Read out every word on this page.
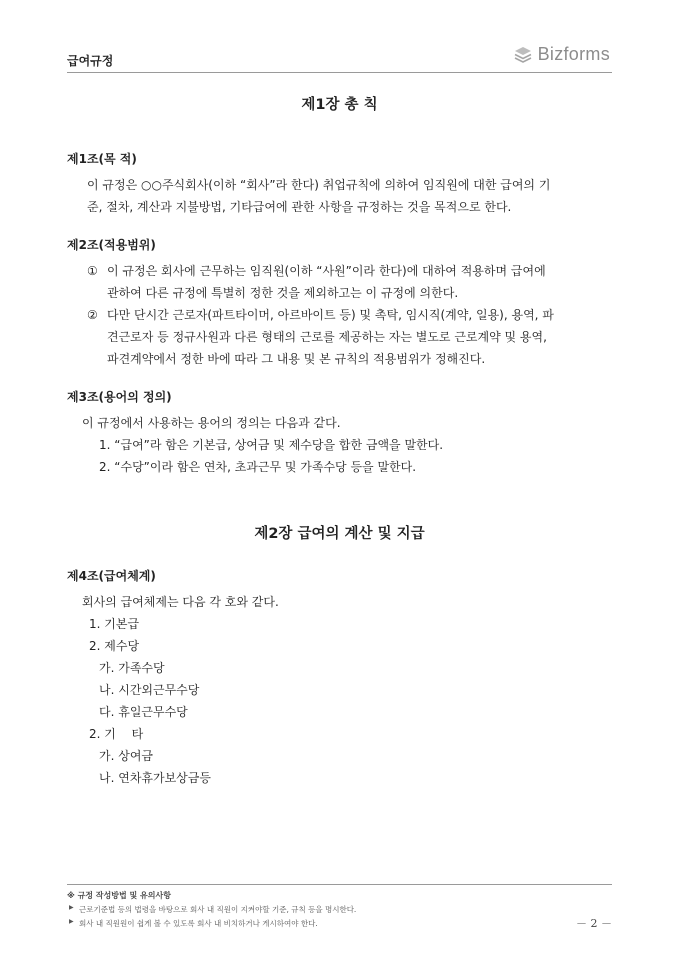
급여규정	Bizforms
제1장 총 칙
제1조(목 적)

이 규정은 ○○주식회사(이하 “회사”라 한다) 취업규칙에 의하여 임직원에 대한 급여의 기

준, 절차, 계산과 지불방법, 기타급여에 관한 사항을 규정하는 것을 목적으로 한다.

제2조(적용범위)
① 이 규정은 회사에 근무하는 임직원(이하 “사원”이라 한다)에 대하여 적용하며 급여에

관하여 다른 규정에 특별히 정한 것을 제외하고는 이 규정에 의한다.

② 다만 단시간 근로자(파트타이머, 아르바이트 등) 및 촉탁, 임시직(계약, 일용), 용역, 파

견근로자 등 정규사원과 다른 형태의 근로를 제공하는 자는 별도로 근로계약 및 용역,

파견계약에서 정한 바에 따라 그 내용 및 본 규칙의 적용범위가 정해진다.

제3조(용어의 정의)

이 규정에서 사용하는 용어의 정의는 다음과 같다.

1. “급여”라 함은 기본급, 상여금 및 제수당을 합한 금액을 말한다.

2. “수당”이라 함은 연차, 초과근무 및 가족수당 등을 말한다.

제2장 급여의 계산 및 지급
제4조(급여체계)

회사의 급여체제는 다음 각 호와 같다.

1. 기본급

2. 제수당

가. 가족수당

나. 시간외근무수당

다. 휴일근무수당

2. 기  타

가. 상여금

나. 연차휴가보상금등

※ 규정 작성방법 및 유의사항

▶ 근로기준법 등의 법령을 바탕으로 회사 내 직원이 지켜야할 기준, 규칙 등을 명시한다.

▶ 회사 내 직원원이 쉽게 볼 수 있도록 회사 내 비치하거나 게시하여야 한다.	－ 2 －
